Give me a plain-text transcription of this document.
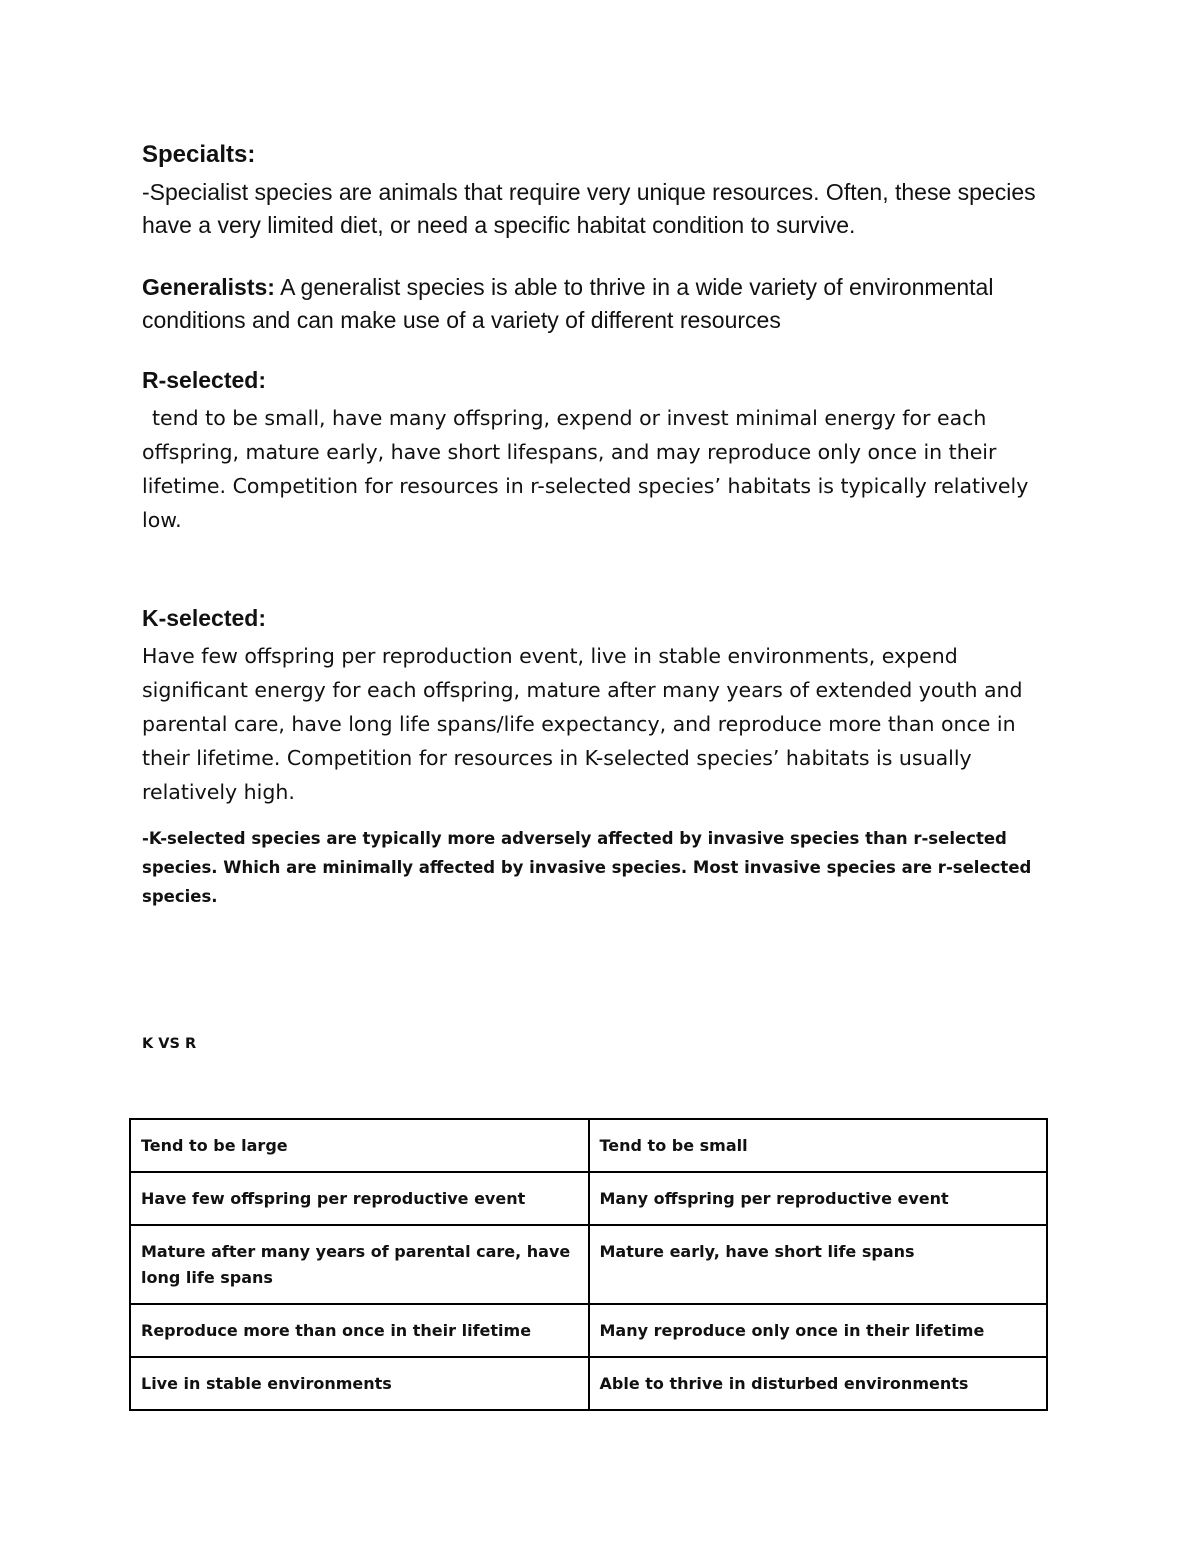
Specialts:

-Specialist species are animals that require very unique resources. Often, these species have a very limited diet, or need a specific habitat condition to survive.

Generalists: A generalist species is able to thrive in a wide variety of environmental conditions and can make use of a variety of different resources

R-selected:

tend to be small, have many offspring, expend or invest minimal energy for each offspring, mature early, have short lifespans, and may reproduce only once in their lifetime. Competition for resources in r-selected species’ habitats is typically relatively low.

K-selected:

Have few offspring per reproduction event, live in stable environments, expend significant energy for each offspring, mature after many years of extended youth and parental care, have long life spans/life expectancy, and reproduce more than once in their lifetime. Competition for resources in K-selected species’ habitats is usually relatively high.

-K-selected species are typically more adversely affected by invasive species than r-selected species. Which are minimally affected by invasive species. Most invasive species are r-selected species.

K VS R

Tend to be large	Tend to be small
Have few offspring per reproductive event	Many offspring per reproductive event
Mature after many years of parental care, have long life spans	Mature early, have short life spans
Reproduce more than once in their lifetime	Many reproduce only once in their lifetime
Live in stable environments	Able to thrive in disturbed environments
